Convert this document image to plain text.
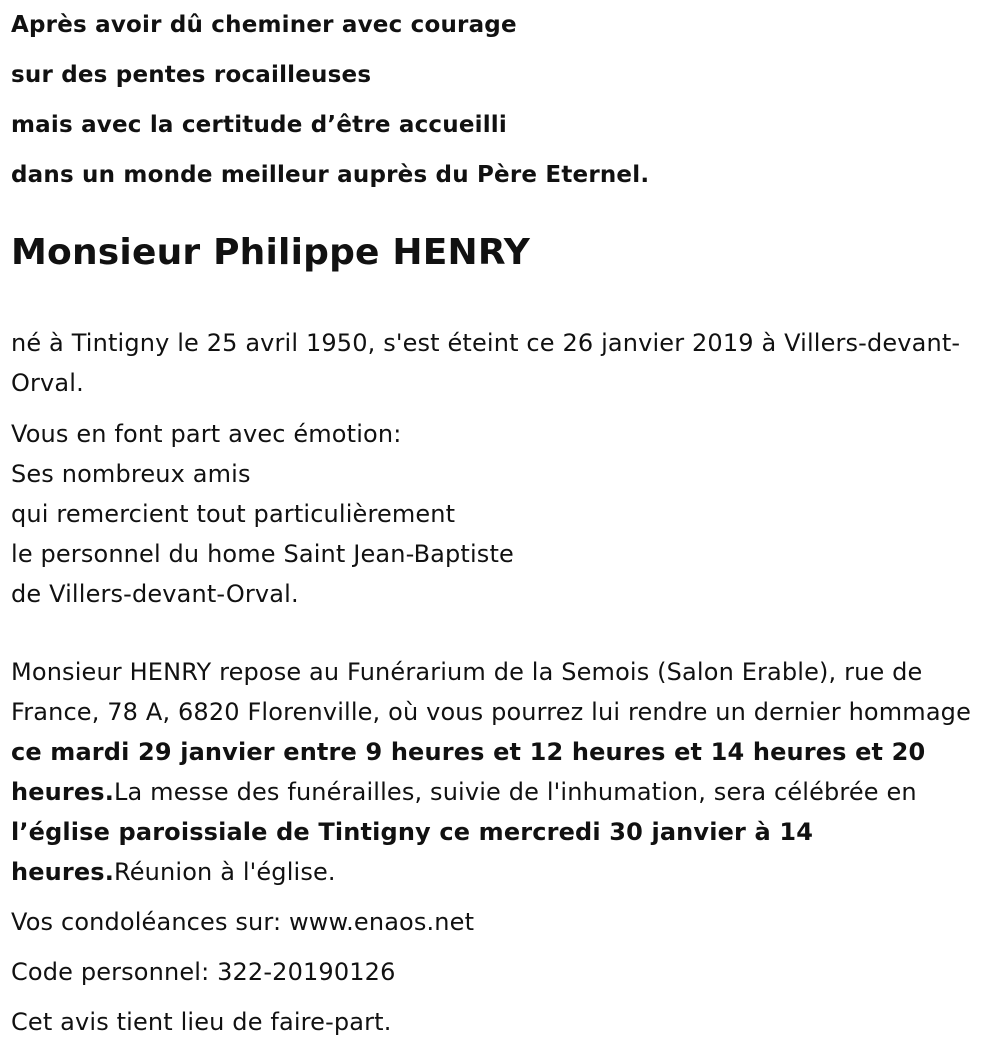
Après avoir dû cheminer avec courage

sur des pentes rocailleuses

mais avec la certitude d’être accueilli

dans un monde meilleur auprès du Père Eternel.

Monsieur Philippe HENRY
né à Tintigny le 25 avril 1950, s'est éteint ce 26 janvier 2019 à Villers-devant-Orval.
Vous en font part avec émotion:
Ses nombreux amis
qui remercient tout particulièrement
le personnel du home Saint Jean-Baptiste
de Villers-devant-Orval.
Monsieur HENRY repose au Funérarium de la Semois (Salon Erable), rue de France, 78 A, 6820 Florenville, où vous pourrez lui rendre un dernier hommage ce mardi 29 janvier entre 9 heures et 12 heures et 14 heures et 20 heures.La messe des funérailles, suivie de l'inhumation, sera célébrée en l’église paroissiale de Tintigny ce mercredi 30 janvier à 14 heures.Réunion à l'église.
Vos condoléances sur: www.enaos.net
Code personnel: 322-20190126
Cet avis tient lieu de faire-part.
